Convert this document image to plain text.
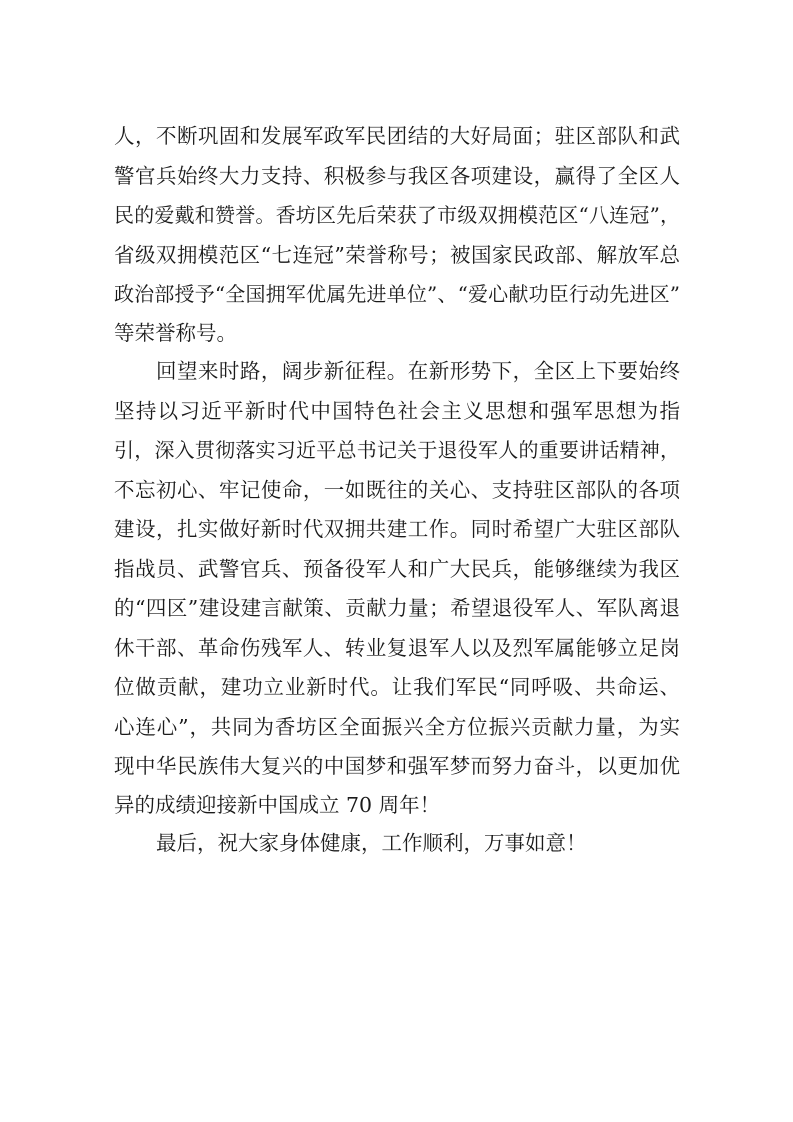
人，不断巩固和发展军政军民团结的大好局面；驻区部队和武
警官兵始终大力支持、积极参与我区各项建设，赢得了全区人
民的爱戴和赞誉。香坊区先后荣获了市级双拥模范区“八连冠”，
省级双拥模范区“七连冠”荣誉称号；被国家民政部、解放军总
政治部授予“全国拥军优属先进单位”、“爱心献功臣行动先进区”
等荣誉称号。
回望来时路，阔步新征程。在新形势下，全区上下要始终
坚持以习近平新时代中国特色社会主义思想和强军思想为指
引，深入贯彻落实习近平总书记关于退役军人的重要讲话精神，
不忘初心、牢记使命，一如既往的关心、支持驻区部队的各项
建设，扎实做好新时代双拥共建工作。同时希望广大驻区部队
指战员、武警官兵、预备役军人和广大民兵，能够继续为我区
的“四区”建设建言献策、贡献力量；希望退役军人、军队离退
休干部、革命伤残军人、转业复退军人以及烈军属能够立足岗
位做贡献，建功立业新时代。让我们军民“同呼吸、共命运、
心连心”，共同为香坊区全面振兴全方位振兴贡献力量，为实
现中华民族伟大复兴的中国梦和强军梦而努力奋斗，以更加优
异的成绩迎接新中国成立 70 周年！
最后，祝大家身体健康，工作顺利，万事如意！
